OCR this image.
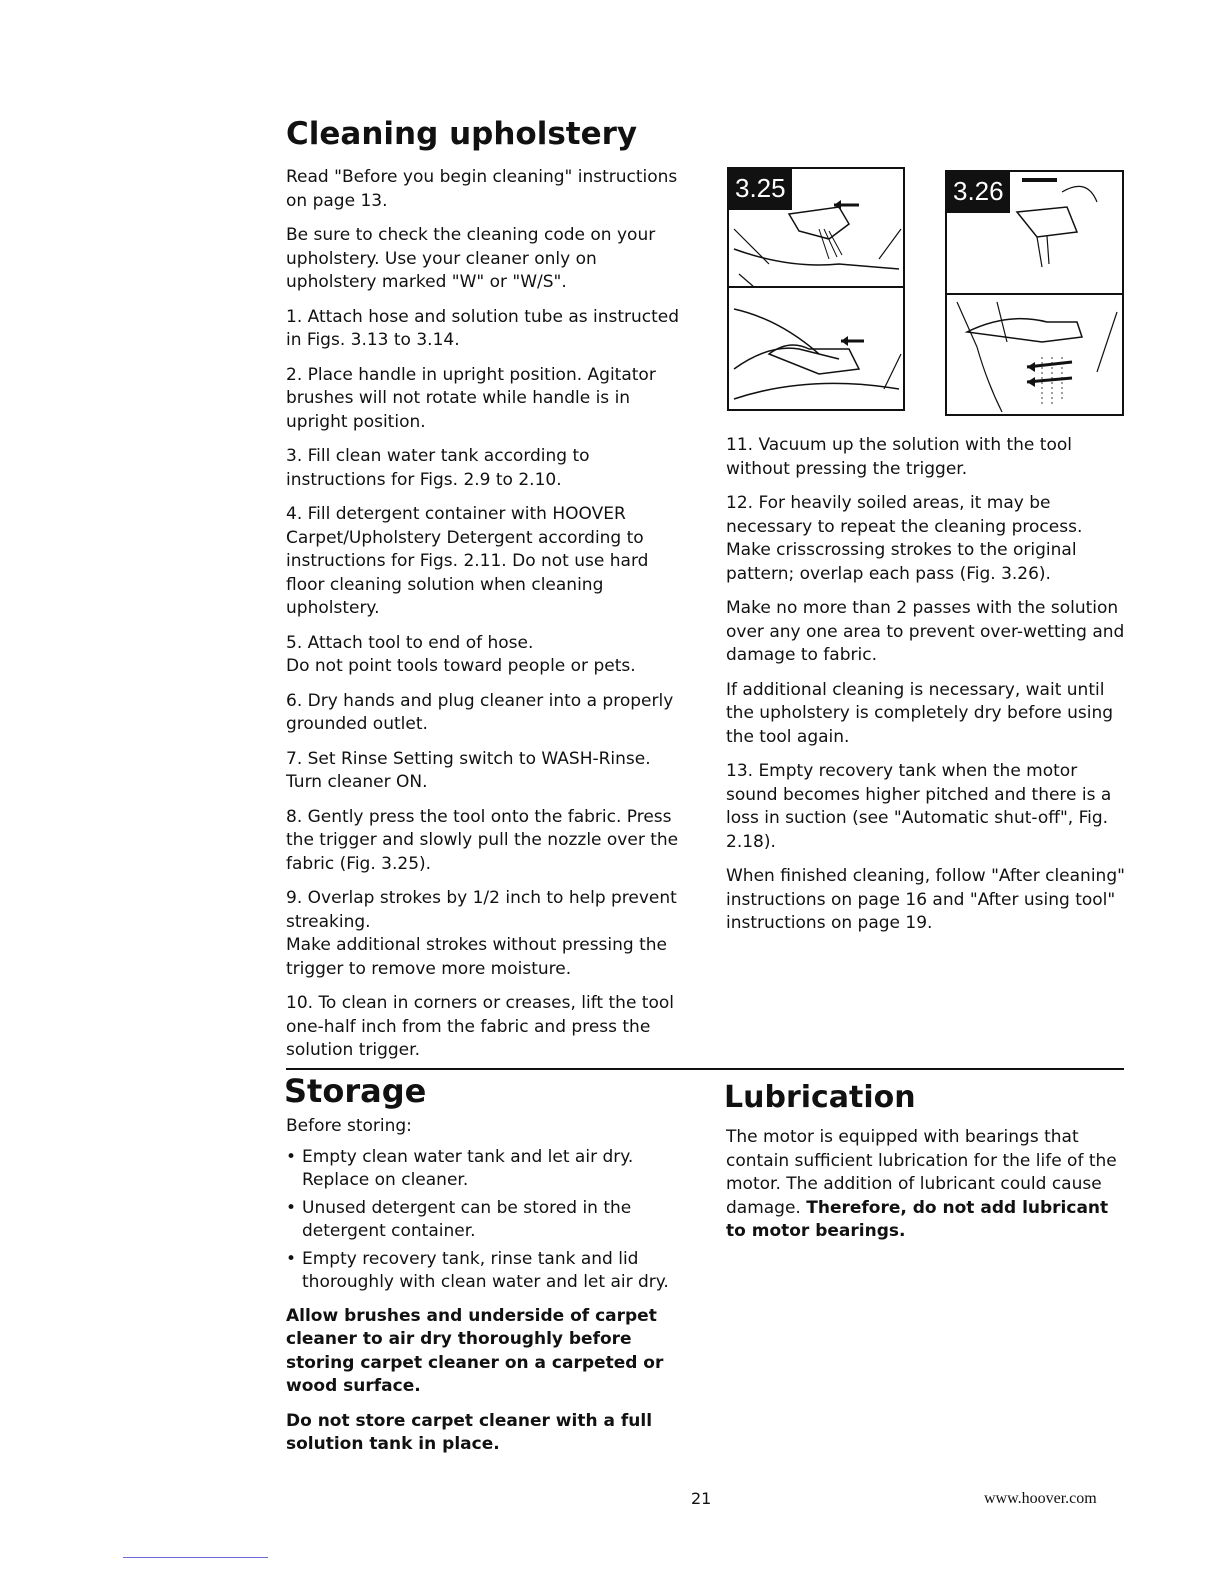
Cleaning upholstery

Read "Before you begin cleaning" instructions on page 13.

Be sure to check the cleaning code on your upholstery. Use your cleaner only on upholstery marked "W" or "W/S".

1. Attach hose and solution tube as instructed in Figs. 3.13 to 3.14.

2. Place handle in upright position. Agitator brushes will not rotate while handle is in upright position.

3. Fill clean water tank according to instructions for Figs. 2.9 to 2.10.

4. Fill detergent container with HOOVER Carpet/Upholstery Detergent according to instructions for Figs. 2.11. Do not use hard floor cleaning solution when cleaning upholstery.

5. Attach tool to end of hose.
Do not point tools toward people or pets.

6. Dry hands and plug cleaner into a properly grounded outlet.

7. Set Rinse Setting switch to WASH-Rinse. Turn cleaner ON.

8. Gently press the tool onto the fabric. Press the trigger and slowly pull the nozzle over the fabric (Fig. 3.25).

9. Overlap strokes by 1/2 inch to help prevent streaking.
Make additional strokes without pressing the trigger to remove more moisture.

10. To clean in corners or creases, lift the tool one-half inch from the fabric and press the solution trigger.

3.25	3.26

11. Vacuum up the solution with the tool without pressing the trigger.

12. For heavily soiled areas, it may be necessary to repeat the cleaning process. Make crisscrossing strokes to the original pattern; overlap each pass (Fig. 3.26).

Make no more than 2 passes with the solution over any one area to prevent over-wetting and damage to fabric.

If additional cleaning is necessary, wait until the upholstery is completely dry before using the tool again.

13. Empty recovery tank when the motor sound becomes higher pitched and there is a loss in suction (see "Automatic shut-off", Fig. 2.18).

When finished cleaning, follow "After cleaning" instructions on page 16 and "After using tool" instructions on page 19.

Storage

Before storing:

• Empty clean water tank and let air dry. Replace on cleaner.
• Unused detergent can be stored in the detergent container.
• Empty recovery tank, rinse tank and lid thoroughly with clean water and let air dry.

Allow brushes and underside of carpet cleaner to air dry thoroughly before storing carpet cleaner on a carpeted or wood surface.

Do not store carpet cleaner with a full solution tank in place.

Lubrication

The motor is equipped with bearings that contain sufficient lubrication for the life of the motor. The addition of lubricant could cause damage. Therefore, do not add lubricant to motor bearings.

21	www.hoover.com
